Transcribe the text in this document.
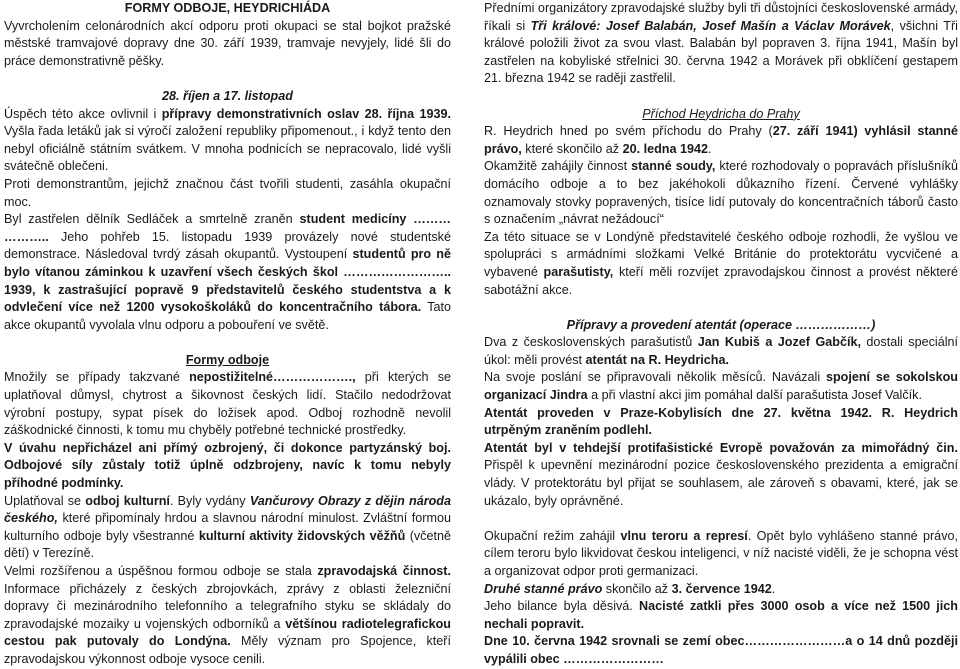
FORMY ODBOJE, HEYDRICHIÁDA

Vyvrcholením celonárodních akcí odporu proti okupaci se stal bojkot pražské městské tramvajové dopravy dne 30. září 1939, tramvaje nevyjely, lidé šli do práce demonstrativně pěšky.

28. říjen a 17. listopad

Úspěch této akce ovlivnil i přípravy demonstrativních oslav 28. října 1939. Vyšla řada letáků jak si výročí založení republiky připomenout., i když tento den nebyl oficiálně státním svátkem. V mnoha podnicích se nepracovalo, lidé vyšli svátečně oblečeni.

Proti demonstrantům, jejichž značnou část tvořili studenti, zasáhla okupační moc.

Byl zastřelen dělník Sedláček a smrtelně zraněn student medicíny ……… ……….. Jeho pohřeb 15. listopadu 1939 provázely nové studentské demonstrace. Následoval tvrdý zásah okupantů. Vystoupení studentů pro ně bylo vítanou záminkou k uzavření všech českých škol …………………….. 1939, k zastrašující popravě 9 představitelů českého studentstva a k odvlečení více než 1200 vysokoškoláků do koncentračního tábora. Tato akce okupantů vyvolala vlnu odporu a pobouření ve světě.

Formy odboje

Množily se případy takzvané nepostižitelné………………., při kterých se uplatňoval důmysl, chytrost a šikovnost českých lidí. Stačilo nedodržovat výrobní postupy, sypat písek do ložisek apod. Odboj rozhodně nevolil záškodnické činnosti, k tomu mu chyběly potřebné technické prostředky.

V úvahu nepřicházel ani přímý ozbrojený, či dokonce partyzánský boj. Odbojové síly zůstaly totiž úplně odzbrojeny, navíc k tomu nebyly příhodné podmínky.

Uplatňoval se odboj kulturní. Byly vydány Vančurovy Obrazy z dějin národa českého, které připomínaly hrdou a slavnou národní minulost. Zvláštní formou kulturního odboje byly všestranné kulturní aktivity židovských věžňů (včetně dětí) v Terezíně.

Velmi rozšířenou a úspěšnou formou odboje se stala zpravodajská činnost. Informace přicházely z českých zbrojovkách, zprávy z oblasti železniční dopravy či mezinárodního telefonního a telegrafního styku se skládaly do zpravodajské mozaiky u vojenských odborníků a většínou radiotelegrafickou cestou pak putovaly do Londýna. Měly význam pro Spojence, kteří zpravodajskou výkonnost odboje vysoce cenili.

Předními organizátory zpravodajské služby byli tři důstojníci československé armády, říkali si Tři králové: Josef Balabán, Josef Mašín a Václav Morávek, všichni Tři králové položili život za svou vlast. Balabán byl popraven 3. října 1941, Mašín byl zastřelen na kobyliské střelnici 30. června 1942 a Morávek při obklíčení gestapem 21. března 1942 se raději zastřelil.

Příchod Heydricha do Prahy

R. Heydrich hned po svém příchodu do Prahy (27. září 1941) vyhlásil stanné právo, které skončilo až 20. ledna 1942.

Okamžitě zahájily činnost stanné soudy, které rozhodovaly o popravách příslušníků domácího odboje a to bez jakéhokoli důkazního řízení. Červené vyhlášky oznamovaly stovky popravených, tisíce lidí putovaly do koncentračních táborů často s označením „návrat nežádoucí“

Za této situace se v Londýně představitelé českého odboje rozhodli, že vyšlou ve spolupráci s armádními složkami Velké Británie do protektorátu vycvičené a vybavené parašutisty, kteří měli rozvíjet zpravodajskou činnost a provést některé sabotážní akce.

Přípravy a provedení atentát (operace ………………)

Dva z československých parašutistů Jan Kubiš a Jozef Gabčík, dostali speciální úkol: měli provést atentát na R. Heydricha.

Na svoje poslání se připravovali několik měsíců. Navázali spojení se sokolskou organizací Jindra a při vlastní akci jim pomáhal další parašutista Josef Valčík.

Atentát proveden v Praze-Kobylisích dne 27. května 1942. R. Heydrich utrpěným zraněním podlehl.

Atentát byl v tehdejší protifašistické Evropě považován za mimořádný čin. Přispěl k upevnění mezinárodní pozice československého prezidenta a emigrační vlády. V protektorátu byl přijat se souhlasem, ale zároveň s obavami, které, jak se ukázalo, byly oprávněné.

Okupační režim zahájil vlnu teroru a represí. Opět bylo vyhlášeno stanné právo, cílem teroru bylo likvidovat českou inteligenci, v níž nacisté viděli, že je schopna vést a organizovat odpor proti germanizaci.

Druhé stanné právo skončilo až 3. července 1942.

Jeho bilance byla děsivá. Nacisté zatkli přes 3000 osob a více než 1500 jich nechali popravit.

Dne 10. června 1942 srovnali se zemí obec……………………a o 14 dnů později vypálili obec ……………………
